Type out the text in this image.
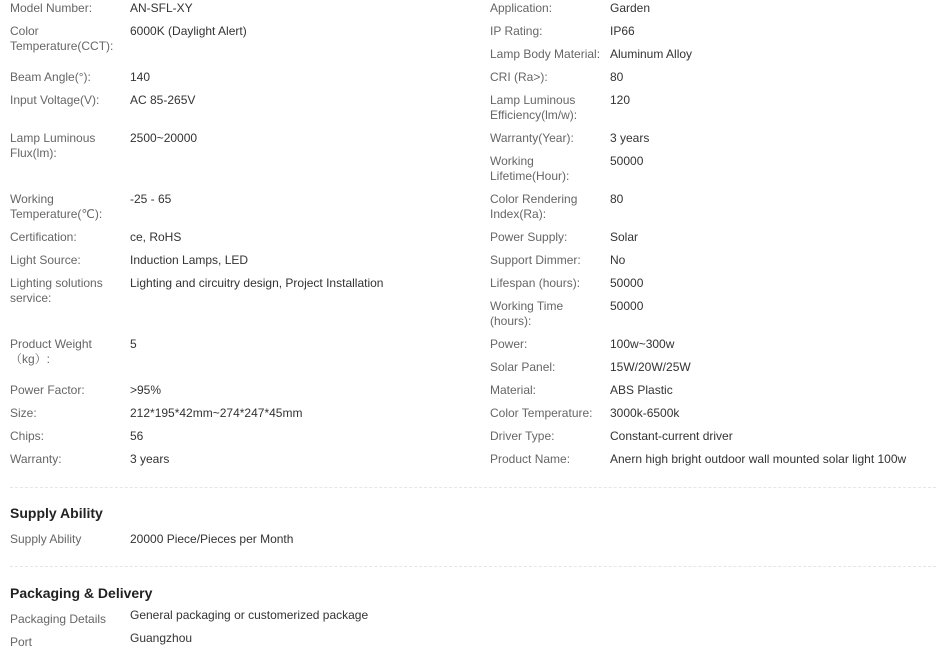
Model Number:	AN-SFL-XY
Color Temperature(CCT):
6000K (Daylight Alert)
Beam Angle(°):	140
Input Voltage(V):	AC 85-265V
Lamp Luminous Flux(lm):
2500~20000
Working Temperature(℃):
-25 - 65
Certification:	ce, RoHS
Light Source:	Induction Lamps, LED
Lighting solutions service:
Lighting and circuitry design, Project Installation
Product Weight（kg）:
5
Power Factor:	>95%
Size:	212*195*42mm~274*247*45mm
Chips:	56
Warranty:	3 years
Application:	Garden
IP Rating:	IP66
Lamp Body Material: Aluminum Alloy
CRI (Ra>):	80
Lamp Luminous Efficiency(lm/w):
120
Warranty(Year):	3 years
Working Lifetime(Hour):
50000
Color Rendering Index(Ra):
80
Power Supply:	Solar
Support Dimmer:	No
Lifespan (hours):	50000
Working Time (hours):
50000
Power:	100w~300w
Solar Panel:	15W/20W/25W
Material:	ABS Plastic
Color Temperature:	3000k-6500k
Driver Type:	Constant-current driver
Product Name:	Anern high bright outdoor wall mounted solar light 100w
Supply Ability
Supply Ability	20000 Piece/Pieces per Month
Packaging & Delivery
Packaging Details	General packaging or customerized package
Port	Guangzhou
